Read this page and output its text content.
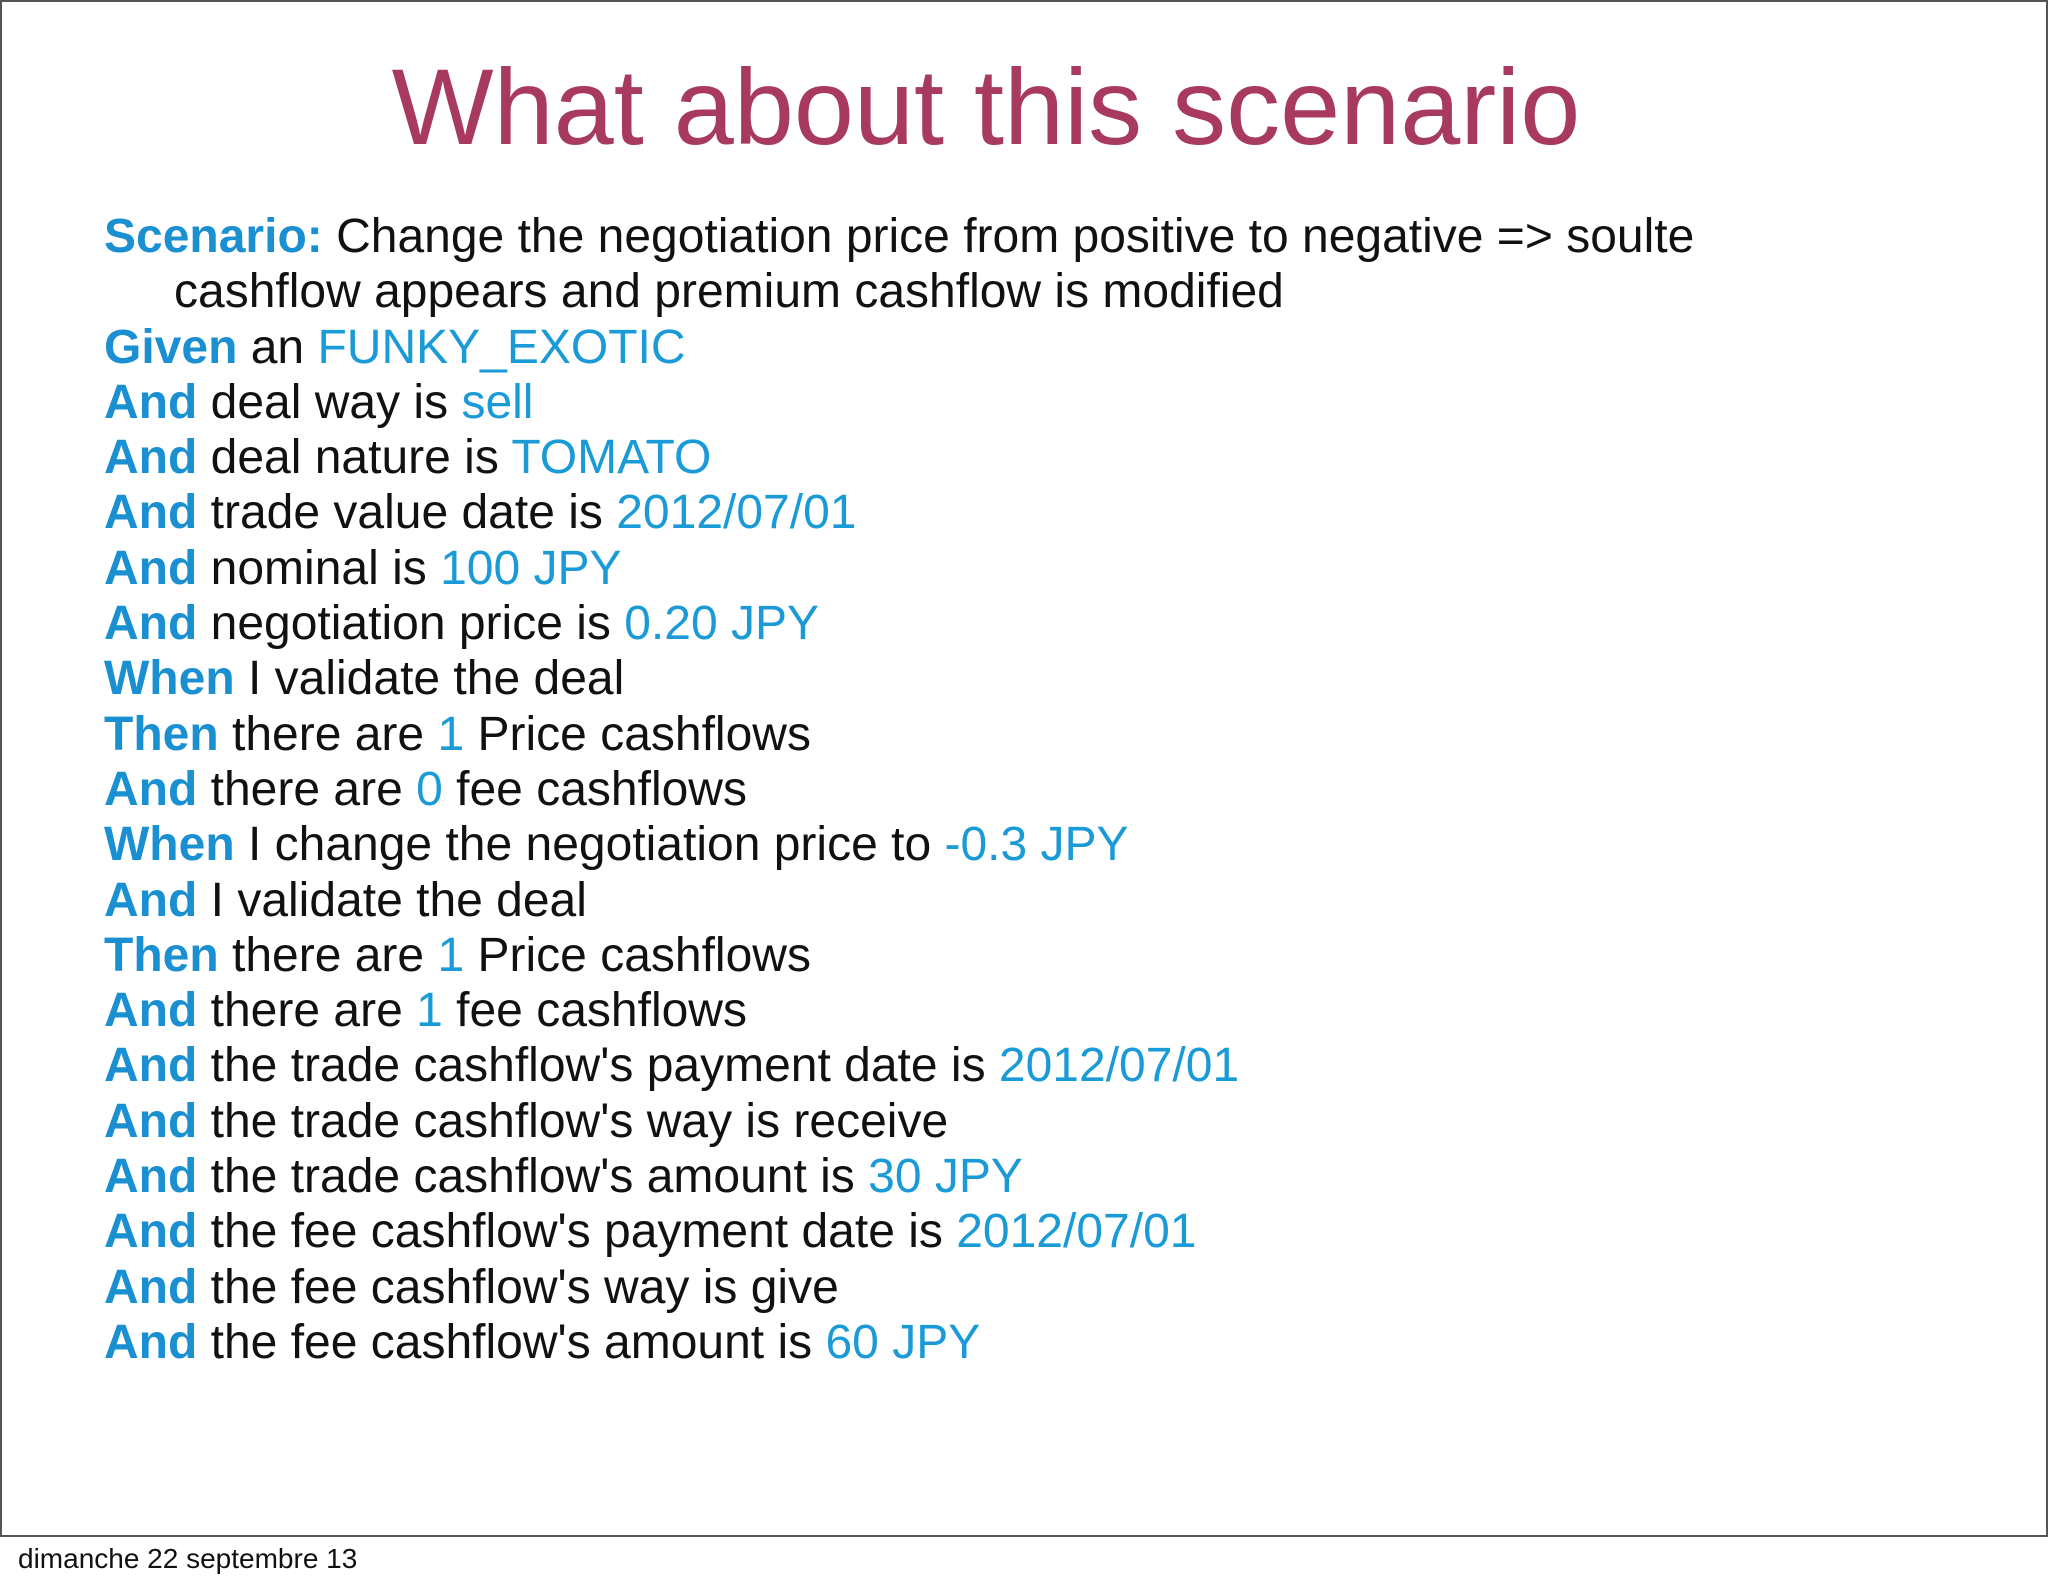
What about this scenario
Scenario: Change the negotiation price from positive to negative => soulte
cashflow appears and premium cashflow is modified
Given an FUNKY_EXOTIC
And deal way is sell
And deal nature is TOMATO
And trade value date is 2012/07/01
And nominal is 100 JPY
And negotiation price is 0.20 JPY
When I validate the deal
Then there are 1 Price cashflows
And there are 0 fee cashflows
When I change the negotiation price to -0.3 JPY
And I validate the deal
Then there are 1 Price cashflows
And there are 1 fee cashflows
And the trade cashflow's payment date is 2012/07/01
And the trade cashflow's way is receive
And the trade cashflow's amount is 30 JPY
And the fee cashflow's payment date is 2012/07/01
And the fee cashflow's way is give
And the fee cashflow's amount is 60 JPY
dimanche 22 septembre 13
